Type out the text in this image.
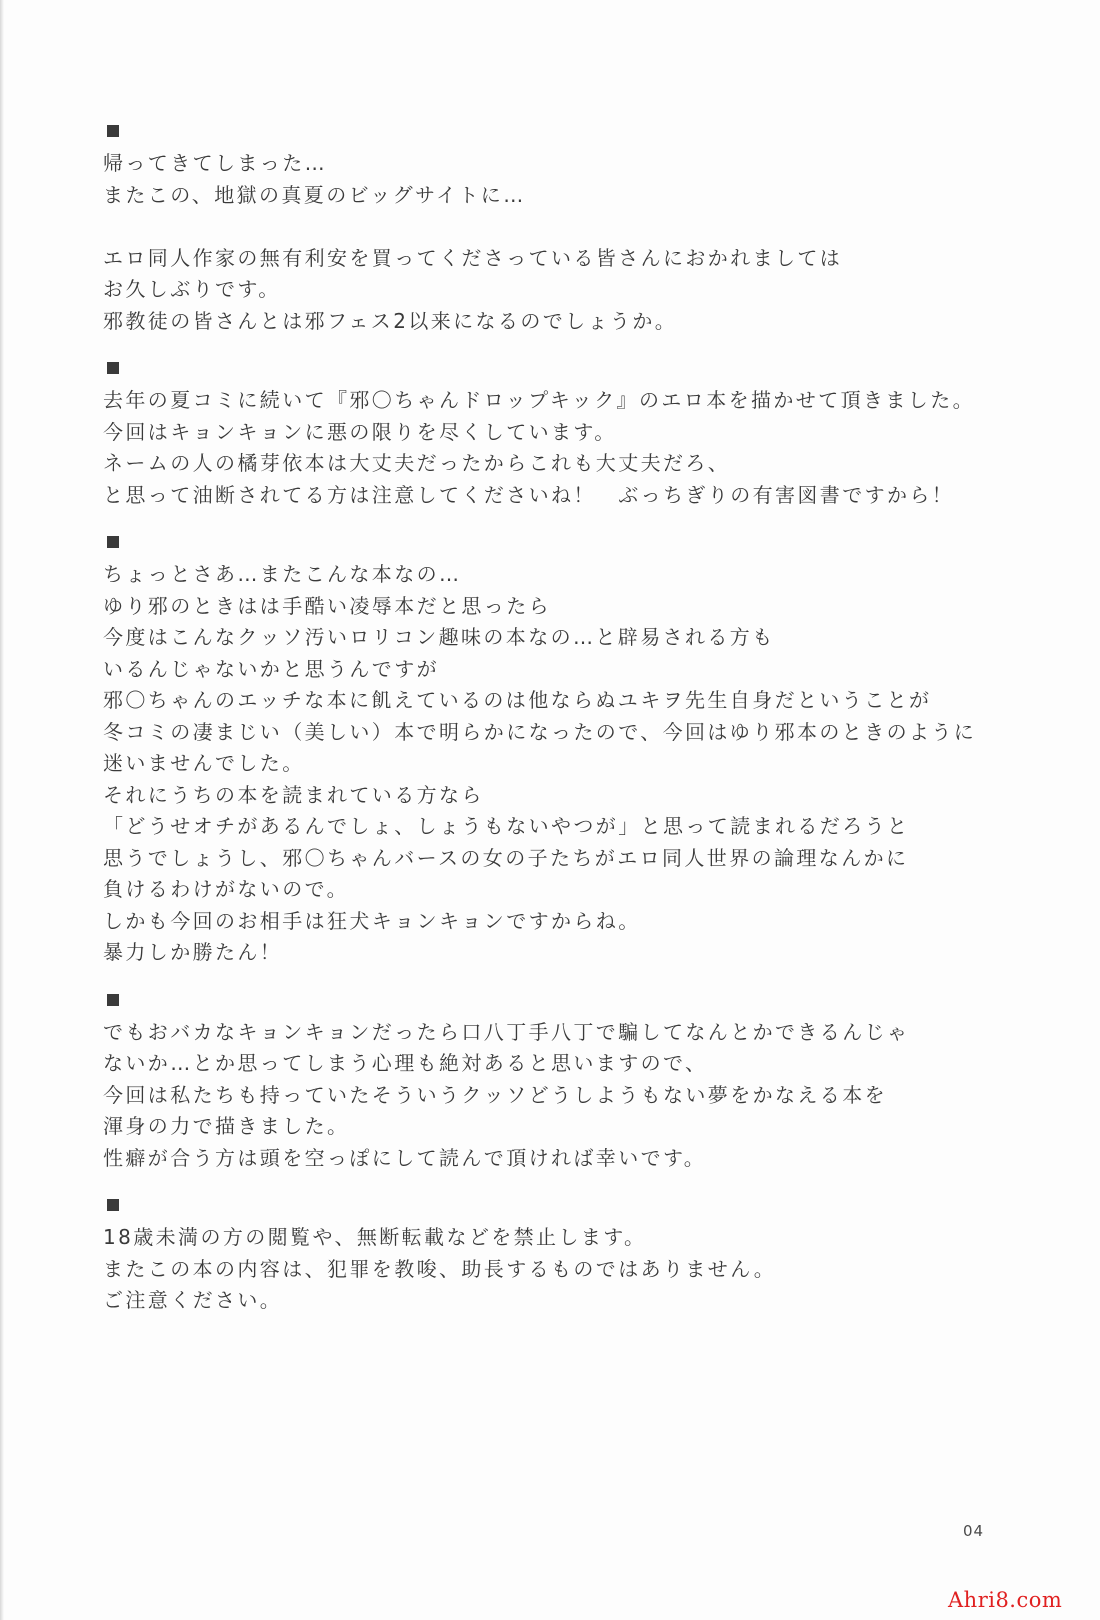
帰ってきてしまった…
またこの、地獄の真夏のビッグサイトに…
エロ同人作家の無有利安を買ってくださっている皆さんにおかれましては
お久しぶりです。
邪教徒の皆さんとは邪フェス2以来になるのでしょうか。
去年の夏コミに続いて『邪〇ちゃんドロップキック』のエロ本を描かせて頂きました。
今回はキョンキョンに悪の限りを尽くしています。
ネームの人の橘芽依本は大丈夫だったからこれも大丈夫だろ、
と思って油断されてる方は注意してくださいね！　ぶっちぎりの有害図書ですから！
ちょっとさあ…またこんな本なの…
ゆり邪のときはは手酷い凌辱本だと思ったら
今度はこんなクッソ汚いロリコン趣味の本なの…と辟易される方も
いるんじゃないかと思うんですが
邪〇ちゃんのエッチな本に飢えているのは他ならぬユキヲ先生自身だということが
冬コミの凄まじい（美しい）本で明らかになったので、今回はゆり邪本のときのように
迷いませんでした。
それにうちの本を読まれている方なら
「どうせオチがあるんでしょ、しょうもないやつが」と思って読まれるだろうと
思うでしょうし、邪〇ちゃんバースの女の子たちがエロ同人世界の論理なんかに
負けるわけがないので。
しかも今回のお相手は狂犬キョンキョンですからね。
暴力しか勝たん！
でもおバカなキョンキョンだったら口八丁手八丁で騙してなんとかできるんじゃ
ないか…とか思ってしまう心理も絶対あると思いますので、
今回は私たちも持っていたそういうクッソどうしようもない夢をかなえる本を
渾身の力で描きました。
性癖が合う方は頭を空っぽにして読んで頂ければ幸いです。
18歳未満の方の閲覧や、無断転載などを禁止します。
またこの本の内容は、犯罪を教唆、助長するものではありません。
ご注意ください。
04
Ahri8.com
